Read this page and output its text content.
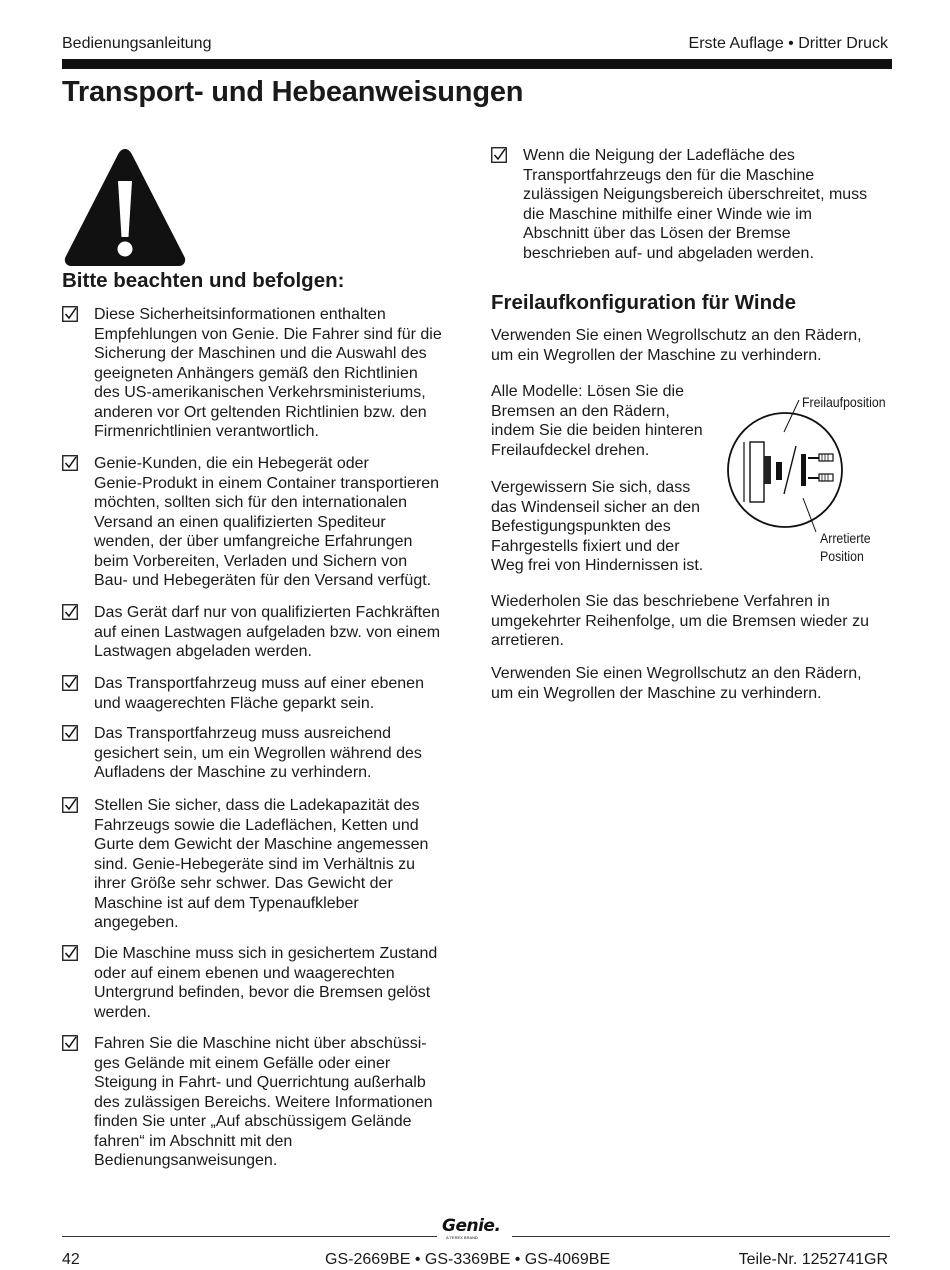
Bedienungsanleitung	Erste Auflage • Dritter Druck
Transport- und Hebeanweisungen
Bitte beachten und befolgen:
Diese Sicherheitsinformationen enthalten
Empfehlungen von Genie. Die Fahrer sind für die
Sicherung der Maschinen und die Auswahl des
geeigneten Anhängers gemäß den Richtlinien
des US-amerikanischen Verkehrsministeriums,
anderen vor Ort geltenden Richtlinien bzw. den
Firmenrichtlinien verantwortlich.
Genie-Kunden, die ein Hebegerät oder
Genie-Produkt in einem Container transportieren
möchten, sollten sich für den internationalen
Versand an einen qualifizierten Spediteur
wenden, der über umfangreiche Erfahrungen
beim Vorbereiten, Verladen und Sichern von
Bau- und Hebegeräten für den Versand verfügt.
Das Gerät darf nur von qualifizierten Fachkräften
auf einen Lastwagen aufgeladen bzw. von einem
Lastwagen abgeladen werden.
Das Transportfahrzeug muss auf einer ebenen
und waagerechten Fläche geparkt sein.
Das Transportfahrzeug muss ausreichend
gesichert sein, um ein Wegrollen während des
Aufladens der Maschine zu verhindern.
Stellen Sie sicher, dass die Ladekapazität des
Fahrzeugs sowie die Ladeflächen, Ketten und
Gurte dem Gewicht der Maschine angemessen
sind. Genie-Hebegeräte sind im Verhältnis zu
ihrer Größe sehr schwer. Das Gewicht der
Maschine ist auf dem Typenaufkleber
angegeben.
Die Maschine muss sich in gesichertem Zustand
oder auf einem ebenen und waagerechten
Untergrund befinden, bevor die Bremsen gelöst
werden.
Fahren Sie die Maschine nicht über abschüssi-
ges Gelände mit einem Gefälle oder einer
Steigung in Fahrt- und Querrichtung außerhalb
des zulässigen Bereichs. Weitere Informationen
finden Sie unter „Auf abschüssigem Gelände
fahren“ im Abschnitt mit den
Bedienungsanweisungen.
Wenn die Neigung der Ladefläche des
Transportfahrzeugs den für die Maschine
zulässigen Neigungsbereich überschreitet, muss
die Maschine mithilfe einer Winde wie im
Abschnitt über das Lösen der Bremse
beschrieben auf- und abgeladen werden.
Freilaufkonfiguration für Winde
Verwenden Sie einen Wegrollschutz an den Rädern,
um ein Wegrollen der Maschine zu verhindern.
Alle Modelle: Lösen Sie die
Bremsen an den Rädern,
indem Sie die beiden hinteren
Freilaufdeckel drehen.
Vergewissern Sie sich, dass
das Windenseil sicher an den
Befestigungspunkten des
Fahrgestells fixiert und der
Weg frei von Hindernissen ist.
Wiederholen Sie das beschriebene Verfahren in
umgekehrter Reihenfolge, um die Bremsen wieder zu
arretieren.
Verwenden Sie einen Wegrollschutz an den Rädern,
um ein Wegrollen der Maschine zu verhindern.
Freilaufposition
Arretierte
Position
Genie.
A TEREX BRAND
42	GS-2669BE • GS-3369BE • GS-4069BE	Teile-Nr. 1252741GR
